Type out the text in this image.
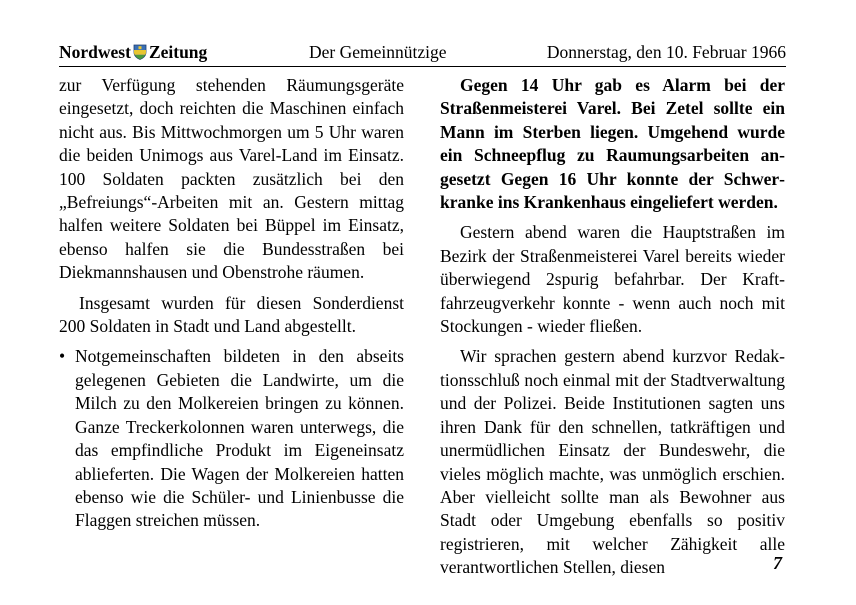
Nordwest Zeitung	Der Gemeinnützige	Donnerstag, den 10. Februar 1966

zur Verfügung stehenden Räumungsgeräte eingesetzt, doch reichten die Maschinen einfach nicht aus. Bis Mittwochmorgen um 5 Uhr waren die beiden Unimogs aus Varel-Land im Einsatz. 100 Soldaten packten zusätzlich bei den „Befreiungs“-Arbeiten mit an. Gestern mittag halfen weitere Soldaten bei Büppel im Einsatz, ebenso halfen sie die Bundesstraßen bei Diekmannshausen und Obenstrohe räumen.

Insgesamt wurden für diesen Sonderdienst 200 Soldaten in Stadt und Land abgestellt.

• Notgemeinschaften bildeten in den abseits gelegenen Gebieten die Landwirte, um die Milch zu den Molkereien bringen zu können. Ganze Treckerkolonnen waren unterwegs, die das empfindliche Produkt im Eigeneinsatz ablieferten. Die Wagen der Molkereien hatten ebenso wie die Schüler- und Linienbusse die Flaggen streichen müssen.

Gegen 14 Uhr gab es Alarm bei der Straßenmeisterei Varel. Bei Zetel sollte ein Mann im Sterben liegen. Umgehend wurde ein Schneepflug zu Raumungsarbeiten angesetzt Gegen 16 Uhr konnte der Schwerkranke ins Krankenhaus eingeliefert werden.

Gestern abend waren die Hauptstraßen im Bezirk der Straßenmeisterei Varel bereits wieder überwiegend 2spurig befahrbar. Der Kraftfahrzeugverkehr konnte - wenn auch noch mit Stockungen - wieder fließen.

Wir sprachen gestern abend kurzvor Redaktionsschluß noch einmal mit der Stadtverwaltung und der Polizei. Beide Institutionen sagten uns ihren Dank für den schnellen, tatkräftigen und unermüdlichen Einsatz der Bundeswehr, die vieles möglich machte, was unmöglich erschien. Aber vielleicht sollte man als Bewohner aus Stadt oder Umgebung ebenfalls so positiv registrieren, mit welcher Zähigkeit alle verantwortlichen Stellen, diesen	7
